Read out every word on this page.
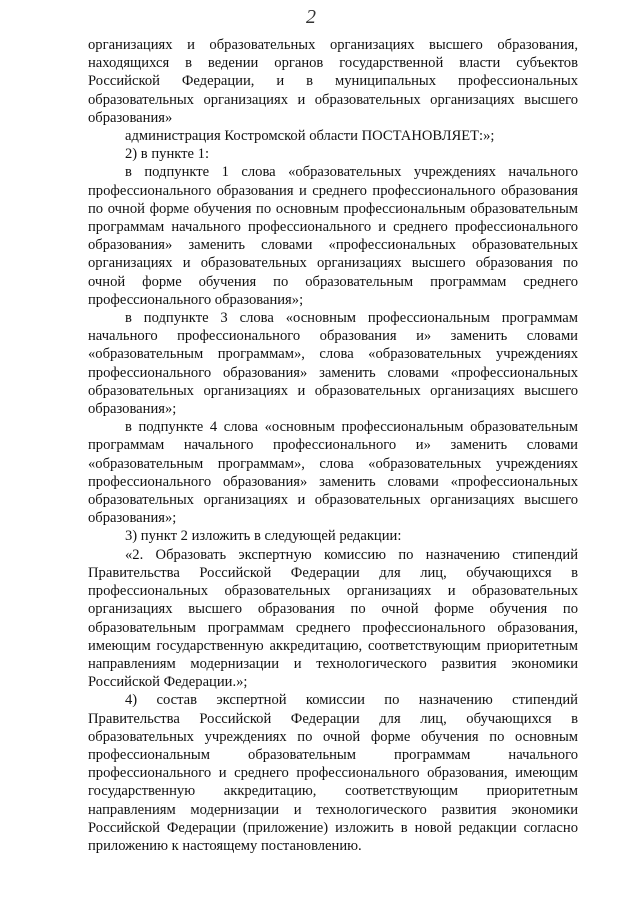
2

организациях и образовательных организациях высшего образования, находящихся в ведении органов государственной власти субъектов Российской Федерации, и в муниципальных профессиональных образовательных организациях и образовательных организациях высшего образования»

администрация Костромской области ПОСТАНОВЛЯЕТ:»;

2) в пункте 1:

в подпункте 1 слова «образовательных учреждениях начального профессионального образования и среднего профессионального образования по очной форме обучения по основным профессиональным образовательным программам начального профессионального и среднего профессионального образования» заменить словами «профессиональных образовательных организациях и образовательных организациях высшего образования по очной форме обучения по образовательным программам среднего профессионального образования»;

в подпункте 3 слова «основным профессиональным программам начального профессионального образования и» заменить словами «образовательным программам», слова «образовательных учреждениях профессионального образования» заменить словами «профессиональных образовательных организациях и образовательных организациях высшего образования»;

в подпункте 4 слова «основным профессиональным образовательным программам начального профессионального и» заменить словами «образовательным программам», слова «образовательных учреждениях профессионального образования» заменить словами «профессиональных образовательных организациях и образовательных организациях высшего образования»;

3) пункт 2 изложить в следующей редакции:

«2. Образовать экспертную комиссию по назначению стипендий Правительства Российской Федерации для лиц, обучающихся в профессиональных образовательных организациях и образовательных организациях высшего образования по очной форме обучения по образовательным программам среднего профессионального образования, имеющим государственную аккредитацию, соответствующим приоритетным направлениям модернизации и технологического развития экономики Российской Федерации.»;

4) состав экспертной комиссии по назначению стипендий Правительства Российской Федерации для лиц, обучающихся в образовательных учреждениях по очной форме обучения по основным профессиональным образовательным программам начального профессионального и среднего профессионального образования, имеющим государственную аккредитацию, соответствующим приоритетным направлениям модернизации и технологического развития экономики Российской Федерации (приложение) изложить в новой редакции согласно приложению к настоящему постановлению.
